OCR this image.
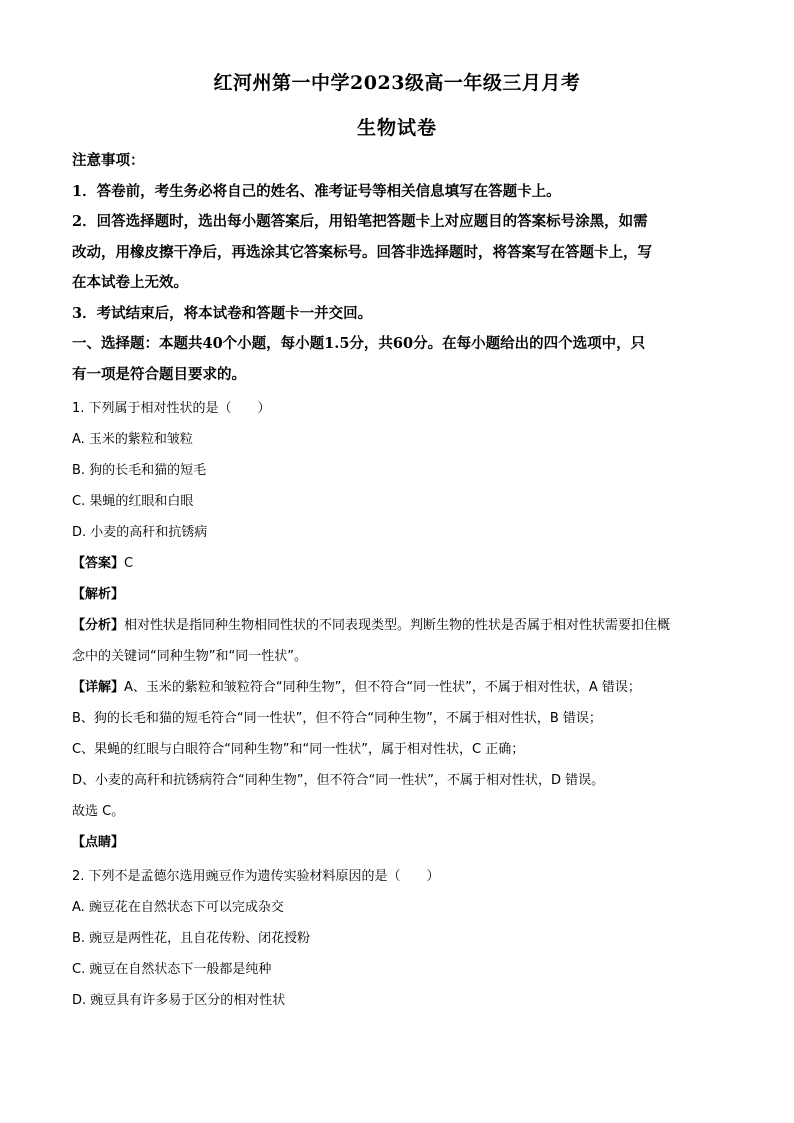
红河州第一中学2023级高一年级三月月考
生物试卷

注意事项：

1．答卷前，考生务必将自己的姓名、准考证号等相关信息填写在答题卡上。

2．回答选择题时，选出每小题答案后，用铅笔把答题卡上对应题目的答案标号涂黑，如需

改动，用橡皮擦干净后，再选涂其它答案标号。回答非选择题时，将答案写在答题卡上，写

在本试卷上无效。

3．考试结束后，将本试卷和答题卡一并交回。

一、选择题：本题共40个小题，每小题1.5分，共60分。在每小题给出的四个选项中，只

有一项是符合题目要求的。

1. 下列属于相对性状的是（　　）

A. 玉米的紫粒和皱粒

B. 狗的长毛和猫的短毛

C. 果蝇的红眼和白眼

D. 小麦的高秆和抗锈病

【答案】C

【解析】

【分析】相对性状是指同种生物相同性状的不同表现类型。判断生物的性状是否属于相对性状需要扣住概

念中的关键词“同种生物”和“同一性状”。

【详解】A、玉米的紫粒和皱粒符合“同种生物”，但不符合“同一性状”，不属于相对性状，A 错误；

B、狗的长毛和猫的短毛符合“同一性状”，但不符合“同种生物”，不属于相对性状，B 错误；

C、果蝇的红眼与白眼符合“同种生物”和“同一性状”，属于相对性状，C 正确；

D、小麦的高秆和抗锈病符合“同种生物”，但不符合“同一性状”，不属于相对性状，D 错误。

故选 C。

【点睛】

2. 下列不是孟德尔选用豌豆作为遗传实验材料原因的是（　　）

A. 豌豆花在自然状态下可以完成杂交

B. 豌豆是两性花，且自花传粉、闭花授粉

C. 豌豆在自然状态下一般都是纯种

D. 豌豆具有许多易于区分的相对性状
